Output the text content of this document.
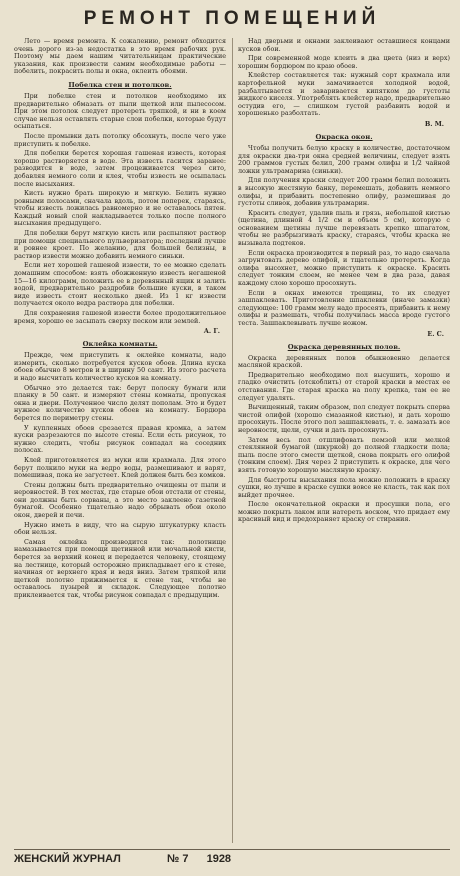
РЕМОНТ ПОМЕЩЕНИЙ

Лето — время ремонта. К сожалению, ремонт обходится очень дорого из-за недостатка в это время рабочих рук. Поэтому мы даем нашим читательницам практические указания, как произвести самим необходимые работы — побелить, покрасить полы и окна, оклеить обоями.

Побелка стен и потолков.

При побелке стен и потолков необходимо их предварительно обмазать от пыли щеткой или пылесосом. При этом потолок следует протереть тряпкой, и ни в коем случае нельзя оставлять старые слои побелки, которые будут осыпаться.

После промывки дать потолку обсохнуть, после чего уже приступить к побелке.

Для побелки берется хорошая гашеная известь, которая хорошо растворяется в воде. Эта известь гасится заранее: разводится в воде, затем процеживается через сито, добавляя немного соли и клея, чтобы известь не осыпалась после высыхания.

Кисть нужно брать широкую и мягкую. Белить нужно ровными полосами, сначала вдоль, потом поперек, стараясь, чтобы известь ложилась равномерно и не оставалось пятен. Каждый новый слой накладывается только после полного высыхания предыдущего.

Для побелки берут мягкую кисть или распыляют раствор при помощи специального пульверизатора; последний лучше и ровнее кроет. По желанию, для большей белизны, в раствор извести можно добавить немного синьки.

Если нет хорошей гашеной извести, то ее можно сделать домашним способом: взять обожженную известь негашеной 15—16 килограмм, положить ее в деревянный ящик и залить водой, предварительно раздробив большие куски, в таком виде известь стоит несколько дней. Из 1 кг извести получается около ведра раствора для побелки.

Для сохранения гашеной извести более продолжительное время, хорошо ее засыпать сверху песком или землей.

А. Г.
Оклейка комнаты.

Прежде, чем приступить к оклейке комнаты, надо измерить, сколько потребуется кусков обоев. Длина куска обоев обычно 8 метров и в ширину 50 сант. Из этого расчета и надо высчитать количество кусков на комнату.

Обычно это делается так: берут полоску бумаги или планку в 50 сант. и измеряют стены комнаты, пропуская окна и двери. Полученное число делят пополам. Это и будет нужное количество кусков обоев на комнату. Бордюра берется по периметру стены.

У купленных обоев срезается правая кромка, а затем куски разрезаются по высоте стены. Если есть рисунок, то нужно следить, чтобы рисунок совпадал на соседних полосах.

Клей приготовляется из муки или крахмала. Для этого берут полкило муки на ведро воды, размешивают и варят, помешивая, пока не загустеет. Клей должен быть без комков.

Стены должны быть предварительно очищены от пыли и неровностей. В тех местах, где старые обои отстали от стены, они должны быть сорваны, а это место заклеено газетной бумагой. Особенно тщательно надо обрывать обои около окон, дверей и печи.

Нужно иметь в виду, что на сырую штукатурку класть обои нельзя.

Самая оклейка производится так: полотнище намазывается при помощи щетинной или мочальной кисти, берется за верхний конец и передается человеку, стоящему на лестнице, который осторожно прикладывает его к стене, начиная от верхнего края и ведя вниз. Затем тряпкой или щеткой полотно прижимается к стене так, чтобы не оставалось пузырей и складок. Следующее полотно приклеивается так, чтобы рисунок совпадал с предыдущим.

Над дверьми и окнами заклеивают оставшиеся концами кусков обои.

При современной моде клеить в два цвета (низ и верх) хорошим бордюром по краю обоев.

Клейстер составляется так: нужный сорт крахмала или картофельной муки замачивается холодной водой, разбалтывается и заваривается кипятком до густоты жидкого киселя. Употреблять клейстер надо, предварительно остудив его, — слишком густой разбавить водой и хорошенько разболтать.

В. М.
Окраска окон.

Чтобы получить белую краску в количестве, достаточном для окраски два-три окна средней величины, следует взять 200 граммов густых белил, 200 грамм олифы и 1/2 чайной ложки ультрамарина (синьки).

Для получения краски следует 200 грамм белил положить в высокую жестяную банку, перемешать, добавить немного олифы, и прибавить постепенно олифу, размешивая до густоты сливок, добавив ультрамарин.

Красить следует, удалив пыль и грязь, небольшой кистью (щетина, длинной 4 1/2 см и объем 5 см), которую с основанием щетины лучше перевязать крепко шпагатом, чтобы не разбрызгивать краску, стараясь, чтобы краска не вызывала подтеков.

Если окраска производится в первый раз, то надо сначала загрунтовать дерево олифой, и тщательно протереть. Когда олифа высохнет, можно приступить к окраске. Красить следует тонким слоем, не менее чем в два раза, давая каждому слою хорошо просохнуть.

Если в окнах имеются трещины, то их следует зашпаклевать. Приготовление шпаклевки (иначе замазки) следующее: 100 грамм мелу надо просеять, прибавить к нему олифы и размешать, чтобы получилась масса вроде густого теста. Зашпаклевывать лучше ножом.

Е. С.
Окраска деревянных полов.

Окраска деревянных полов обыкновенно делается масляной краской.

Предварительно необходимо пол высушить, хорошо и гладко очистить (отскоблить) от старой краски в местах ее отставания. Где старая краска на полу крепка, там ее не следует удалять.

Вычищенный, таким образом, пол следует покрыть сперва чистой олифой (хорошо смазанной кистью), и дать хорошо просохнуть. После этого пол зашпаклевать, т. е. замазать все неровности, щели, сучки и дать просохнуть.

Затем весь пол отшлифовать пемзой или мелкой стеклянной бумагой (шкуркой) до полной гладкости пола; пыль после этого смести щеткой, снова покрыть его олифой (тонким слоем). Дня через 2 приступить к окраске, для чего взять готовую хорошую масляную краску.

Для быстроты высыхания пола можно положить в краску сушки, но лучше в краске сушки вовсе не класть, так как пол выйдет прочнее.

После окончательной окраски и просушки пола, его можно покрыть лаком или натереть воском, что придает ему красивый вид и предохраняет краску от стирания.

ЖЕНСКИЙ ЖУРНАЛ	№ 7 1928
